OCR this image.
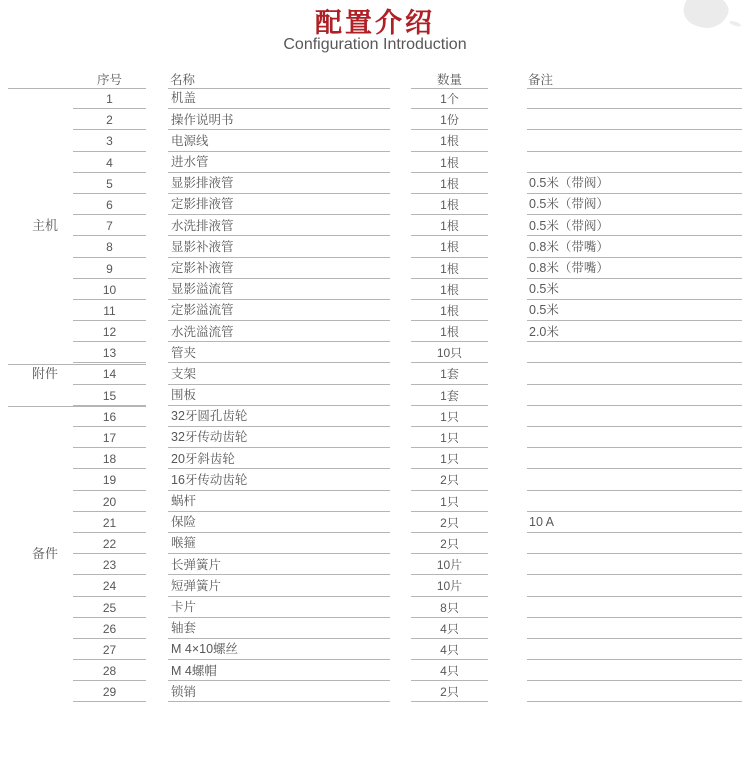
配置介绍
Configuration Introduction
序号	名称	数量	备注
1	机盖	1个
2	操作说明书	1份
3	电源线	1根
4	进水管	1根
5	显影排液管	1根	0.5米（带阀）
6	定影排液管	1根	0.5米（带阀）
7	水洗排液管	1根	0.5米（带阀）
8	显影补液管	1根	0.8米（带嘴）
9	定影补液管	1根	0.8米（带嘴）
10	显影溢流管	1根	0.5米
11	定影溢流管	1根	0.5米
12	水洗溢流管	1根	2.0米
13	管夹	10只
14	支架	1套
15	围板	1套
16	32牙圆孔齿轮	1只
17	32牙传动齿轮	1只
18	20牙斜齿轮	1只
19	16牙传动齿轮	2只
20	蜗杆	1只
21	保险	2只	10 A
22	喉箍	2只
23	长弹簧片	10片
24	短弹簧片	10片
25	卡片	8只
26	轴套	4只
27	M 4×10螺丝	4只
28	M 4螺帽	4只
29	锁销	2只
主机
附件
备件
